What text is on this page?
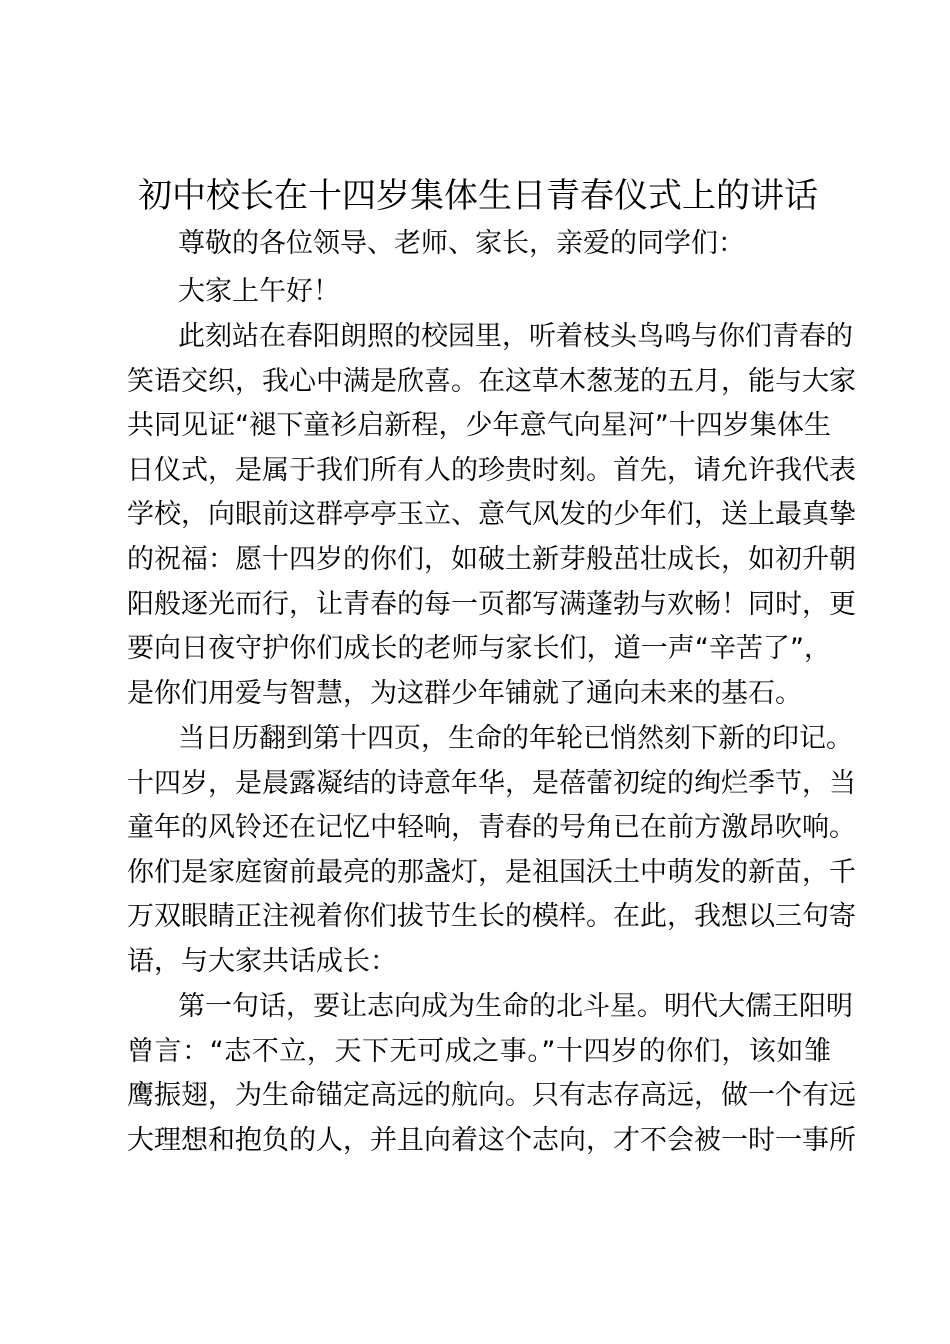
初中校长在十四岁集体生日青春仪式上的讲话
尊敬的各位领导、老师、家长，亲爱的同学们：
大家上午好！
此刻站在春阳朗照的校园里，听着枝头鸟鸣与你们青春的
笑语交织，我心中满是欣喜。在这草木葱茏的五月，能与大家
共同见证“褪下童衫启新程，少年意气向星河”十四岁集体生
日仪式，是属于我们所有人的珍贵时刻。首先，请允许我代表
学校，向眼前这群亭亭玉立、意气风发的少年们，送上最真挚
的祝福：愿十四岁的你们，如破土新芽般茁壮成长，如初升朝
阳般逐光而行，让青春的每一页都写满蓬勃与欢畅！同时，更
要向日夜守护你们成长的老师与家长们，道一声“辛苦了”，
是你们用爱与智慧，为这群少年铺就了通向未来的基石。
当日历翻到第十四页，生命的年轮已悄然刻下新的印记。
十四岁，是晨露凝结的诗意年华，是蓓蕾初绽的绚烂季节，当
童年的风铃还在记忆中轻响，青春的号角已在前方激昂吹响。
你们是家庭窗前最亮的那盏灯，是祖国沃土中萌发的新苗，千
万双眼睛正注视着你们拔节生长的模样。在此，我想以三句寄
语，与大家共话成长：
第一句话，要让志向成为生命的北斗星。明代大儒王阳明
曾言：“志不立，天下无可成之事。”十四岁的你们，该如雏
鹰振翅，为生命锚定高远的航向。只有志存高远，做一个有远
大理想和抱负的人，并且向着这个志向，才不会被一时一事所
